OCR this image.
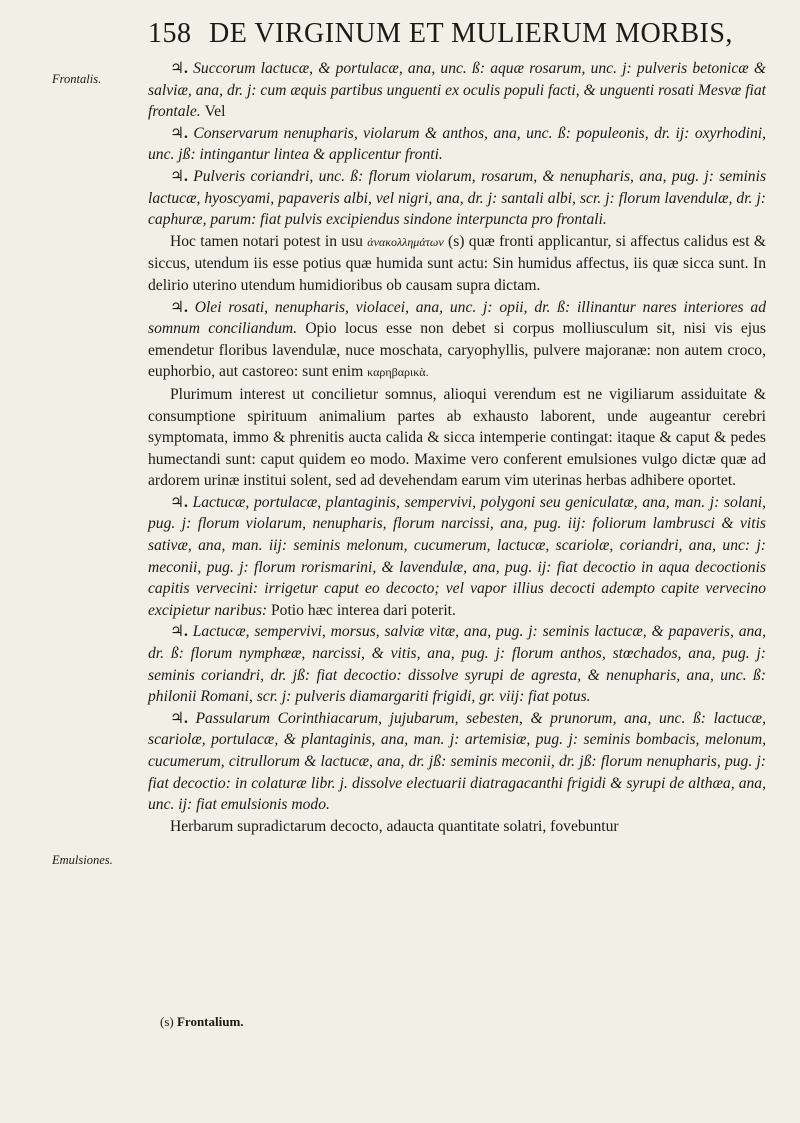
158 DE VIRGINUM ET MULIERUM MORBIS,
Frontalis.
Emulsiones.

♃. Succorum lactucæ, & portulacæ, ana, unc. ß: aquæ rosarum, unc. j: pulveris betonicæ & salviæ, ana, dr. j: cum æquis partibus unguenti ex oculis populi facti, & unguenti rosati Mesvæ fiat frontale. Vel

♃. Conservarum nenupharis, violarum & anthos, ana, unc. ß: populeonis, dr. ij: oxyrhodini, unc. jß: intingantur lintea & applicentur fronti.

♃. Pulveris coriandri, unc. ß: florum violarum, rosarum, & nenupharis, ana, pug. j: seminis lactucæ, hyoscyami, papaveris albi, vel nigri, ana, dr. j: santali albi, scr. j: florum lavendulæ, dr. j: caphuræ, parum: fiat pulvis excipiendus sindone interpuncta pro frontali.

Hoc tamen notari potest in usu ἀνακολλημάτων (s) quæ fronti applicantur, si affectus calidus est & siccus, utendum iis esse potius quæ humida sunt actu: Sin humidus affectus, iis quæ sicca sunt. In delirio uterino utendum humidioribus ob causam supra dictam.

♃. Olei rosati, nenupharis, violacei, ana, unc. j: opii, dr. ß: illinantur nares interiores ad somnum conciliandum. Opio locus esse non debet si corpus molliusculum sit, nisi vis ejus emendetur floribus lavendulæ, nuce moschata, caryophyllis, pulvere majoranæ: non autem croco, euphorbio, aut castoreo: sunt enim καρηβαρικὰ.

Plurimum interest ut concilietur somnus, alioqui verendum est ne vigiliarum assiduitate & consumptione spirituum animalium partes ab exhausto laborent, unde augeantur cerebri symptomata, immo & phrenitis aucta calida & sicca intemperie contingat: itaque & caput & pedes humectandi sunt: caput quidem eo modo. Maxime vero conferent emulsiones vulgo dictæ quæ ad ardorem urinæ institui solent, sed ad devehendam earum vim uterinas herbas adhibere oportet.

♃. Lactucæ, portulacæ, plantaginis, sempervivi, polygoni seu geniculatæ, ana, man. j: solani, pug. j: florum violarum, nenupharis, florum narcissi, ana, pug. iij: foliorum lambrusci & vitis sativæ, ana, man. iij: seminis melonum, cucumerum, lactucæ, scariolæ, coriandri, ana, unc: j: meconii, pug. j: florum rorismarini, & lavendulæ, ana, pug. ij: fiat decoctio in aqua decoctionis capitis vervecini: irrigetur caput eo decocto; vel vapor illius decocti adempto capite vervecino excipietur naribus: Potio hæc interea dari poterit.

♃. Lactucæ, sempervivi, morsus, salviæ vitæ, ana, pug. j: seminis lactucæ, & papaveris, ana, dr. ß: florum nymphææ, narcissi, & vitis, ana, pug. j: florum anthos, stœchados, ana, pug. j: seminis coriandri, dr. jß: fiat decoctio: dissolve syrupi de agresta, & nenupharis, ana, unc. ß: philonii Romani, scr. j: pulveris diamargariti frigidi, gr. viij: fiat potus.

♃. Passularum Corinthiacarum, jujubarum, sebesten, & prunorum, ana, unc. ß: lactucæ, scariolæ, portulacæ, & plantaginis, ana, man. j: artemisiæ, pug. j: seminis bombacis, melonum, cucumerum, citrullorum & lactucæ, ana, dr. jß: seminis meconii, dr. jß: florum nenupharis, pug. j: fiat decoctio: in colaturæ libr. j. dissolve electuarii diatragacanthi frigidi & syrupi de althæa, ana, unc. ij: fiat emulsionis modo.

Herbarum supradictarum decocto, adaucta quantitate solatri, fovebuntur

(s) Frontalium.
